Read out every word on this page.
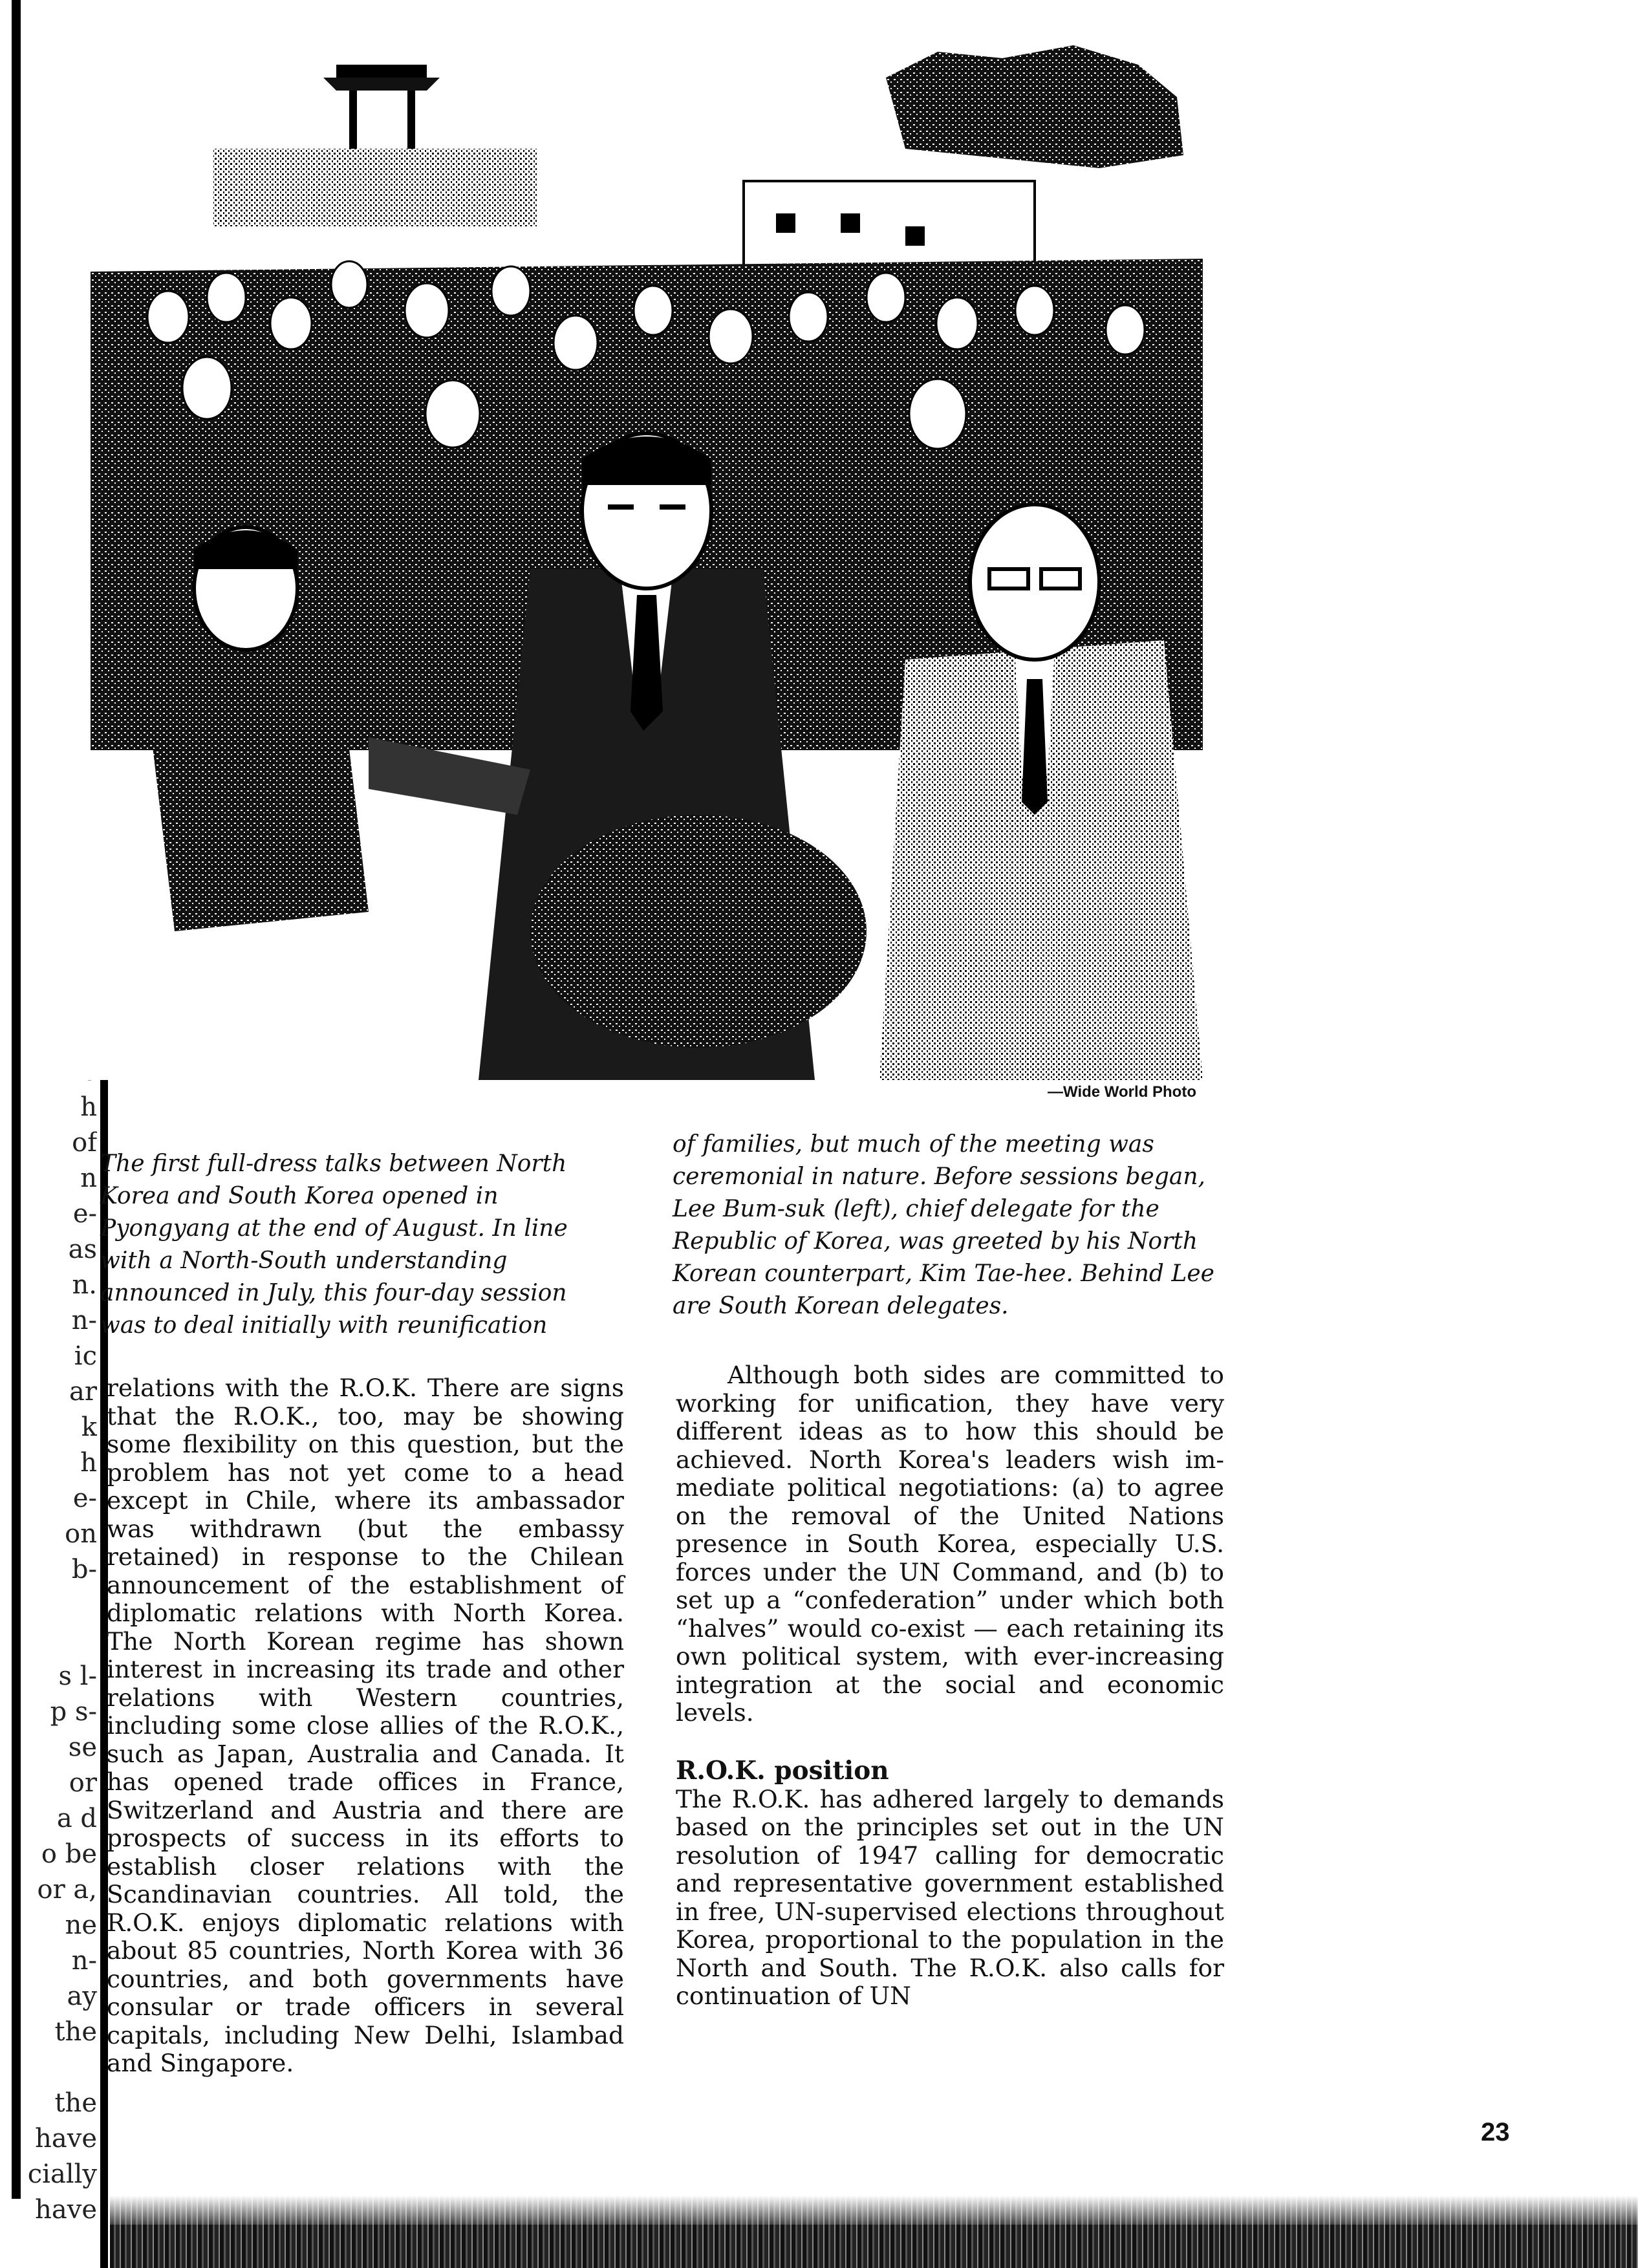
h
of
n
e-
as
n.
n-
ic
ar
k
h
e-
on
b-
s l-
p s-
se
or
a d
o be
or a,
ne
n-
ay
the
the
have
cially
have
—Wide World Photo
The first full-dress talks between North Korea and South Korea opened in Pyongyang at the end of August. In line with a North-South understanding announced in July, this four-day session was to deal initially with reunification
of families, but much of the meeting was ceremonial in nature. Before sessions began, Lee Bum-suk (left), chief delegate for the Republic of Korea, was greeted by his North Korean counterpart, Kim Tae-hee. Behind Lee are South Korean delegates.

relations with the R.O.K. There are signs that the R.O.K., too, may be showing some flexibility on this question, but the problem has not yet come to a head except in Chile, where its ambassador was withdrawn (but the embassy retained) in response to the Chilean announcement of the establishment of diplomatic relations with North Korea. The North Korean regime has shown interest in increasing its trade and other relations with Western countries, including some close allies of the R.O.K., such as Japan, Australia and Canada. It has opened trade offices in France, Switzerland and Austria and there are prospects of success in its efforts to establish closer relations with the Scandinavian countries. All told, the R.O.K. enjoys diplomatic relations with about 85 countries, North Korea with 36 countries, and both governments have consular or trade officers in several capitals, including New Delhi, Islambad and Singapore.

Although both sides are committed to working for unification, they have very different ideas as to how this should be achieved. North Korea's leaders wish immediate political negotiations: (a) to agree on the removal of the United Nations presence in South Korea, especially U.S. forces under the UN Command, and (b) to set up a “confederation” under which both “halves” would co-exist — each retaining its own political system, with ever-increasing integration at the social and economic levels.

R.O.K. position

The R.O.K. has adhered largely to demands based on the principles set out in the UN resolution of 1947 calling for democratic and representative government established in free, UN-supervised elections throughout Korea, proportional to the population in the North and South. The R.O.K. also calls for continuation of UN

23
